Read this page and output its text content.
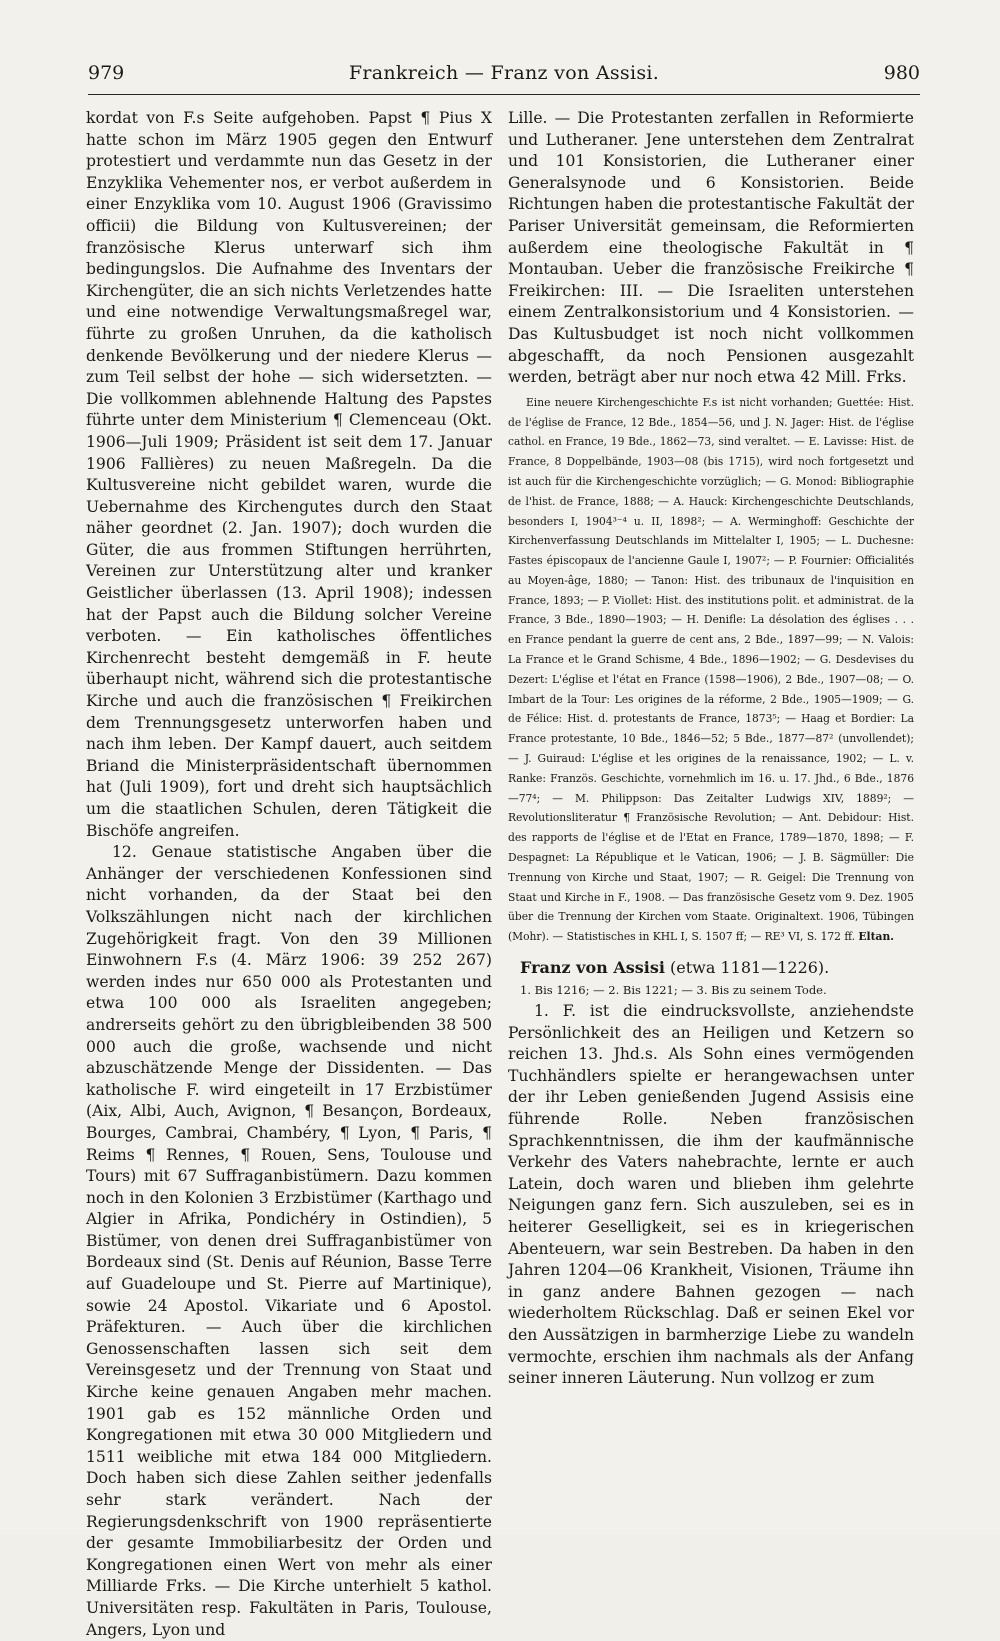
979	Frankreich — Franz von Assisi.	980

kordat von F.s Seite aufgehoben. Papst ¶ Pius X hatte schon im März 1905 gegen den Entwurf protestiert und verdammte nun das Gesetz in der Enzyklika Vehementer nos, er verbot außerdem in einer Enzyklika vom 10. August 1906 (Gravissimo officii) die Bildung von Kultusvereinen; der französische Klerus unterwarf sich ihm bedingungslos. Die Aufnahme des Inventars der Kirchengüter, die an sich nichts Verletzendes hatte und eine notwendige Verwaltungsmaßregel war, führte zu großen Unruhen, da die katholisch denkende Bevölkerung und der niedere Klerus — zum Teil selbst der hohe — sich widersetzten. — Die vollkommen ablehnende Haltung des Papstes führte unter dem Ministerium ¶ Clemenceau (Okt. 1906—Juli 1909; Präsident ist seit dem 17. Januar 1906 Fallières) zu neuen Maßregeln. Da die Kultusvereine nicht gebildet waren, wurde die Uebernahme des Kirchengutes durch den Staat näher geordnet (2. Jan. 1907); doch wurden die Güter, die aus frommen Stiftungen herrührten, Vereinen zur Unterstützung alter und kranker Geistlicher überlassen (13. April 1908); indessen hat der Papst auch die Bildung solcher Vereine verboten. — Ein katholisches öffentliches Kirchenrecht besteht demgemäß in F. heute überhaupt nicht, während sich die protestantische Kirche und auch die französischen ¶ Freikirchen dem Trennungsgesetz unterworfen haben und nach ihm leben. Der Kampf dauert, auch seitdem Briand die Ministerpräsidentschaft übernommen hat (Juli 1909), fort und dreht sich hauptsächlich um die staatlichen Schulen, deren Tätigkeit die Bischöfe angreifen.

12. Genaue statistische Angaben über die Anhänger der verschiedenen Konfessionen sind nicht vorhanden, da der Staat bei den Volkszählungen nicht nach der kirchlichen Zugehörigkeit fragt. Von den 39 Millionen Einwohnern F.s (4. März 1906: 39 252 267) werden indes nur 650 000 als Protestanten und etwa 100 000 als Israeliten angegeben; andrerseits gehört zu den übrigbleibenden 38 500 000 auch die große, wachsende und nicht abzuschätzende Menge der Dissidenten. — Das katholische F. wird eingeteilt in 17 Erzbistümer (Aix, Albi, Auch, Avignon, ¶ Besançon, Bordeaux, Bourges, Cambrai, Chambéry, ¶ Lyon, ¶ Paris, ¶ Reims ¶ Rennes, ¶ Rouen, Sens, Toulouse und Tours) mit 67 Suffraganbistümern. Dazu kommen noch in den Kolonien 3 Erzbistümer (Karthago und Algier in Afrika, Pondichéry in Ostindien), 5 Bistümer, von denen drei Suffraganbistümer von Bordeaux sind (St. Denis auf Réunion, Basse Terre auf Guadeloupe und St. Pierre auf Martinique), sowie 24 Apostol. Vikariate und 6 Apostol. Präfekturen. — Auch über die kirchlichen Genossenschaften lassen sich seit dem Vereinsgesetz und der Trennung von Staat und Kirche keine genauen Angaben mehr machen. 1901 gab es 152 männliche Orden und Kongregationen mit etwa 30 000 Mitgliedern und 1511 weibliche mit etwa 184 000 Mitgliedern. Doch haben sich diese Zahlen seither jedenfalls sehr stark verändert. Nach der Regierungsdenkschrift von 1900 repräsentierte der gesamte Immobiliarbesitz der Orden und Kongregationen einen Wert von mehr als einer Milliarde Frks. — Die Kirche unterhielt 5 kathol. Universitäten resp. Fakultäten in Paris, Toulouse, Angers, Lyon und

Lille. — Die Protestanten zerfallen in Reformierte und Lutheraner. Jene unterstehen dem Zentralrat und 101 Konsistorien, die Lutheraner einer Generalsynode und 6 Konsistorien. Beide Richtungen haben die protestantische Fakultät der Pariser Universität gemeinsam, die Reformierten außerdem eine theologische Fakultät in ¶ Montauban. Ueber die französische Freikirche ¶ Freikirchen: III. — Die Israeliten unterstehen einem Zentralkonsistorium und 4 Konsistorien. — Das Kultusbudget ist noch nicht vollkommen abgeschafft, da noch Pensionen ausgezahlt werden, beträgt aber nur noch etwa 42 Mill. Frks.

Eine neuere Kirchengeschichte F.s ist nicht vorhanden; Guettée: Hist. de l'église de France, 12 Bde., 1854—56, und J. N. Jager: Hist. de l'église cathol. en France, 19 Bde., 1862—73, sind veraltet. — E. Lavisse: Hist. de France, 8 Doppelbände, 1903—08 (bis 1715), wird noch fortgesetzt und ist auch für die Kirchengeschichte vorzüglich; — G. Monod: Bibliographie de l'hist. de France, 1888; — A. Hauck: Kirchengeschichte Deutschlands, besonders I, 1904³⁻⁴ u. II, 1898²; — A. Werminghoff: Geschichte der Kirchenverfassung Deutschlands im Mittelalter I, 1905; — L. Duchesne: Fastes épiscopaux de l'ancienne Gaule I, 1907²; — P. Fournier: Officialités au Moyen-âge, 1880; — Tanon: Hist. des tribunaux de l'inquisition en France, 1893; — P. Viollet: Hist. des institutions polit. et administrat. de la France, 3 Bde., 1890—1903; — H. Denifle: La désolation des églises . . . en France pendant la guerre de cent ans, 2 Bde., 1897—99; — N. Valois: La France et le Grand Schisme, 4 Bde., 1896—1902; — G. Desdevises du Dezert: L'église et l'état en France (1598—1906), 2 Bde., 1907—08; — O. Imbart de la Tour: Les origines de la réforme, 2 Bde., 1905—1909; — G. de Félice: Hist. d. protestants de France, 1873⁵; — Haag et Bordier: La France protestante, 10 Bde., 1846—52; 5 Bde., 1877—87² (unvollendet); — J. Guiraud: L'église et les origines de la renaissance, 1902; — L. v. Ranke: Französ. Geschichte, vornehmlich im 16. u. 17. Jhd., 6 Bde., 1876—77⁴; — M. Philippson: Das Zeitalter Ludwigs XIV, 1889²; — Revolutionsliteratur ¶ Französische Revolution; — Ant. Debidour: Hist. des rapports de l'église et de l'Etat en France, 1789—1870, 1898; — F. Despagnet: La République et le Vatican, 1906; — J. B. Sägmüller: Die Trennung von Kirche und Staat, 1907; — R. Geigel: Die Trennung von Staat und Kirche in F., 1908. — Das französische Gesetz vom 9. Dez. 1905 über die Trennung der Kirchen vom Staate. Originaltext. 1906, Tübingen (Mohr). — Statistisches in KHL I, S. 1507 ff; — RE³ VI, S. 172 ff. Eltan.

Franz von Assisi (etwa 1181—1226).

1. Bis 1216; — 2. Bis 1221; — 3. Bis zu seinem Tode.

1. F. ist die eindrucksvollste, anziehendste Persönlichkeit des an Heiligen und Ketzern so reichen 13. Jhd.s. Als Sohn eines vermögenden Tuchhändlers spielte er herangewachsen unter der ihr Leben genießenden Jugend Assisis eine führende Rolle. Neben französischen Sprachkenntnissen, die ihm der kaufmännische Verkehr des Vaters nahebrachte, lernte er auch Latein, doch waren und blieben ihm gelehrte Neigungen ganz fern. Sich auszuleben, sei es in heiterer Geselligkeit, sei es in kriegerischen Abenteuern, war sein Bestreben. Da haben in den Jahren 1204—06 Krankheit, Visionen, Träume ihn in ganz andere Bahnen gezogen — nach wiederholtem Rückschlag. Daß er seinen Ekel vor den Aussätzigen in barmherzige Liebe zu wandeln vermochte, erschien ihm nachmals als der Anfang seiner inneren Läuterung. Nun vollzog er zum
